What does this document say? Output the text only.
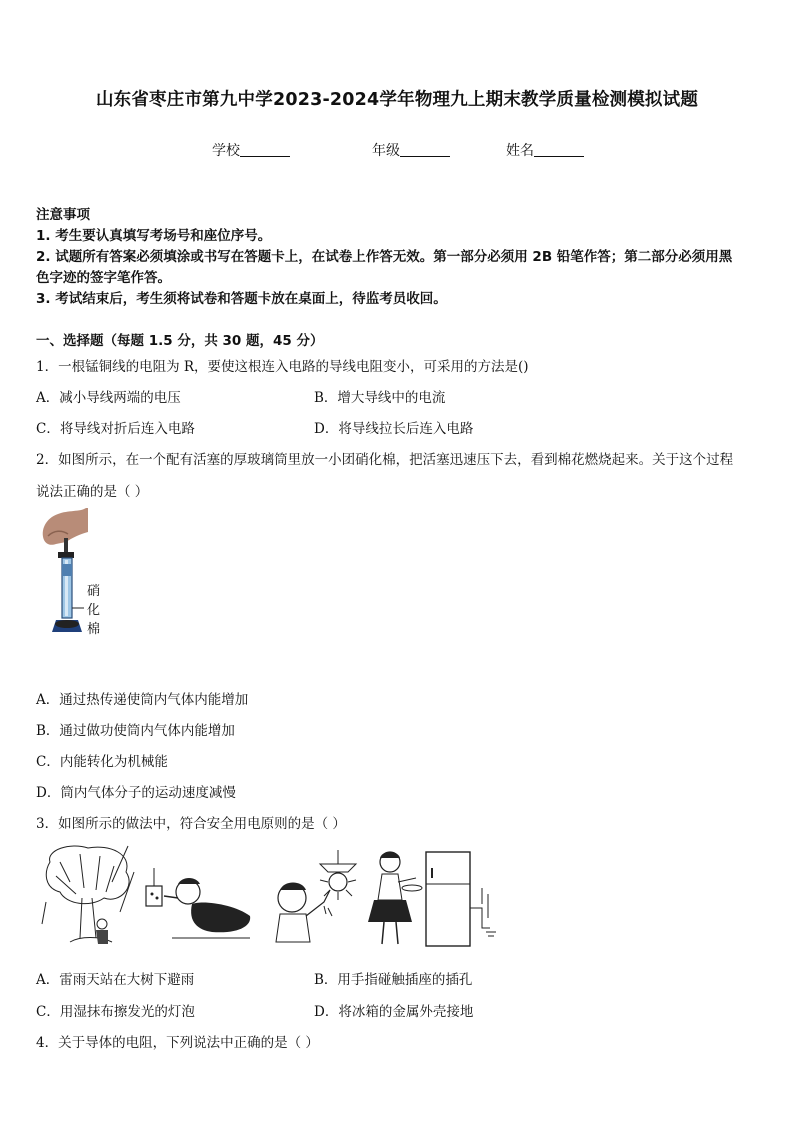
山东省枣庄市第九中学2023-2024学年物理九上期末教学质量检测模拟试题
学校	年级	姓名
注意事项
1. 考生要认真填写考场号和座位序号。
2. 试题所有答案必须填涂或书写在答题卡上，在试卷上作答无效。第一部分必须用 2B 铅笔作答；第二部分必须用黑
色字迹的签字笔作答。
3. 考试结束后，考生须将试卷和答题卡放在桌面上，待监考员收回。
一、选择题（每题 1.5 分，共 30 题，45 分）
1．一根锰铜线的电阻为 R，要使这根连入电路的导线电阻变小，可采用的方法是()
A．减小导线两端的电压	B．增大导线中的电流
C．将导线对折后连入电路	D．将导线拉长后连入电路
2．如图所示，在一个配有活塞的厚玻璃筒里放一小团硝化棉，把活塞迅速压下去，看到棉花燃烧起来。关于这个过程
说法正确的是（ ）
硝
化
棉
A．通过热传递使筒内气体内能增加
B．通过做功使筒内气体内能增加
C．内能转化为机械能
D．筒内气体分子的运动速度减慢
3．如图所示的做法中，符合安全用电原则的是（ ）
A．雷雨天站在大树下避雨	B．用手指碰触插座的插孔
C．用湿抹布擦发光的灯泡	D．将冰箱的金属外壳接地
4．关于导体的电阻，下列说法中正确的是（ ）
